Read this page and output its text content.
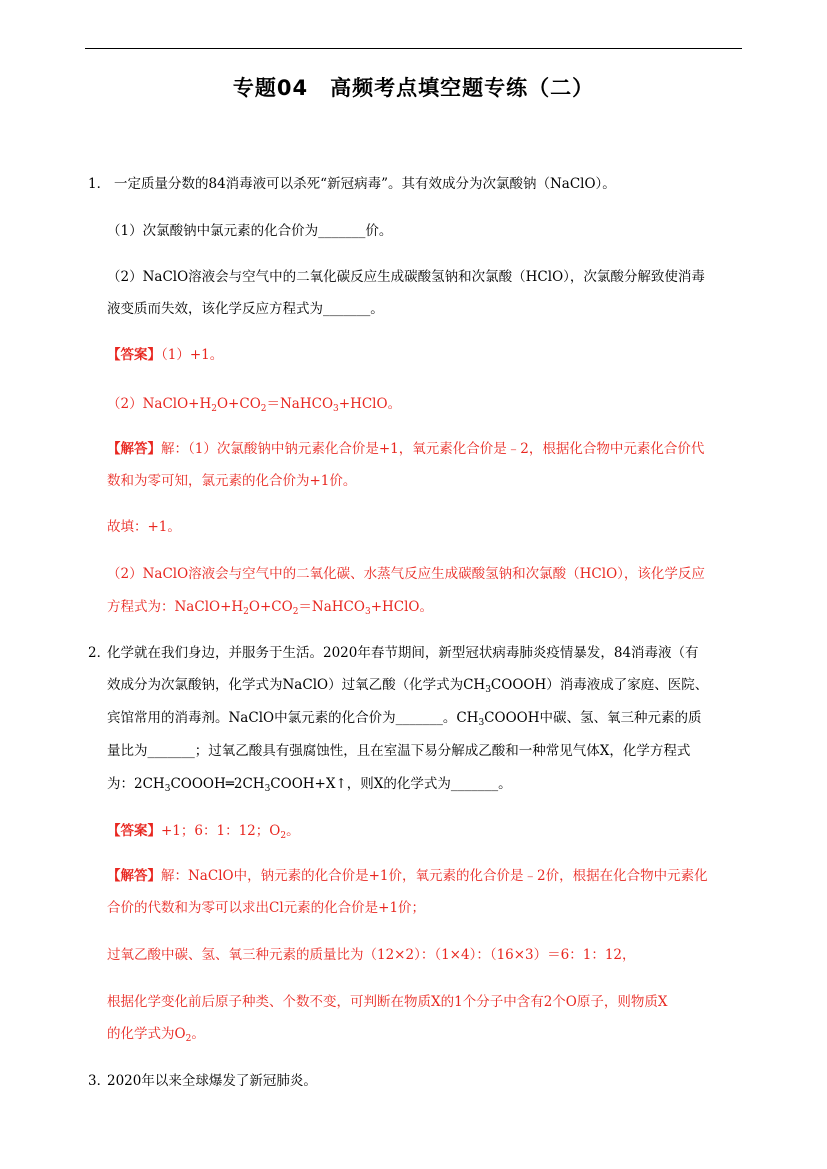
专题04　高频考点填空题专练（二）
1． 一定质量分数的84消毒液可以杀死“新冠病毒”。其有效成分为次氯酸钠（NaClO）。
（1）次氯酸钠中氯元素的化合价为_______价。
（2）NaClO溶液会与空气中的二氧化碳反应生成碳酸氢钠和次氯酸（HClO），次氯酸分解致使消毒
液变质而失效，该化学反应方程式为_______。
【答案】（1）+1。
$(2)NaClO+H_2O+CO_2=NaHCO_3+HClO$。
【解答】解：（1）次氯酸钠中钠元素化合价是+1，氧元素化合价是﹣2，根据化合物中元素化合价代
数和为零可知，氯元素的化合价为+1价。
故填：+1。
（2）NaClO溶液会与空气中的二氧化碳、水蒸气反应生成碳酸氢钠和次氯酸（HClO），该化学反应
方程式为：$NaClO+H_2O+CO_2=NaHCO_3+HClO$。
2．
化学就在我们身边，并服务于生活。2020年春节期间，新型冠状病毒肺炎疫情暴发，84消毒液（有
效成分为次氯酸钠，化学式为NaClO）过氧乙酸（化学式为$CH_3COOOH$）消毒液成了家庭、医院、
宾馆常用的消毒剂。NaClO中氯元素的化合价为_______。$CH_3COOOH$中碳、氢、氧三种元素的质
量比为_______；过氧乙酸具有强腐蚀性，且在室温下易分解成乙酸和一种常见气体X，化学方程式
为：$2CH_3COOOH═2CH_3COOH+X↑$，则X的化学式为_______。
【答案】+1；6：1：12；$O_2$。
【解答】解：NaClO中，钠元素的化合价是+1价，氧元素的化合价是﹣2价，根据在化合物中元素化
合价的代数和为零可以求出Cl元素的化合价是+1价；
过氧乙酸中碳、氢、氧三种元素的质量比为（12×2）：（1×4）：（16×3）＝6：1：12，
根据化学变化前后原子种类、个数不变，可判断在物质X的1个分子中含有2个O原子，则物质X
的化学式为$O_2$。
3．
2020年以来全球爆发了新冠肺炎。
